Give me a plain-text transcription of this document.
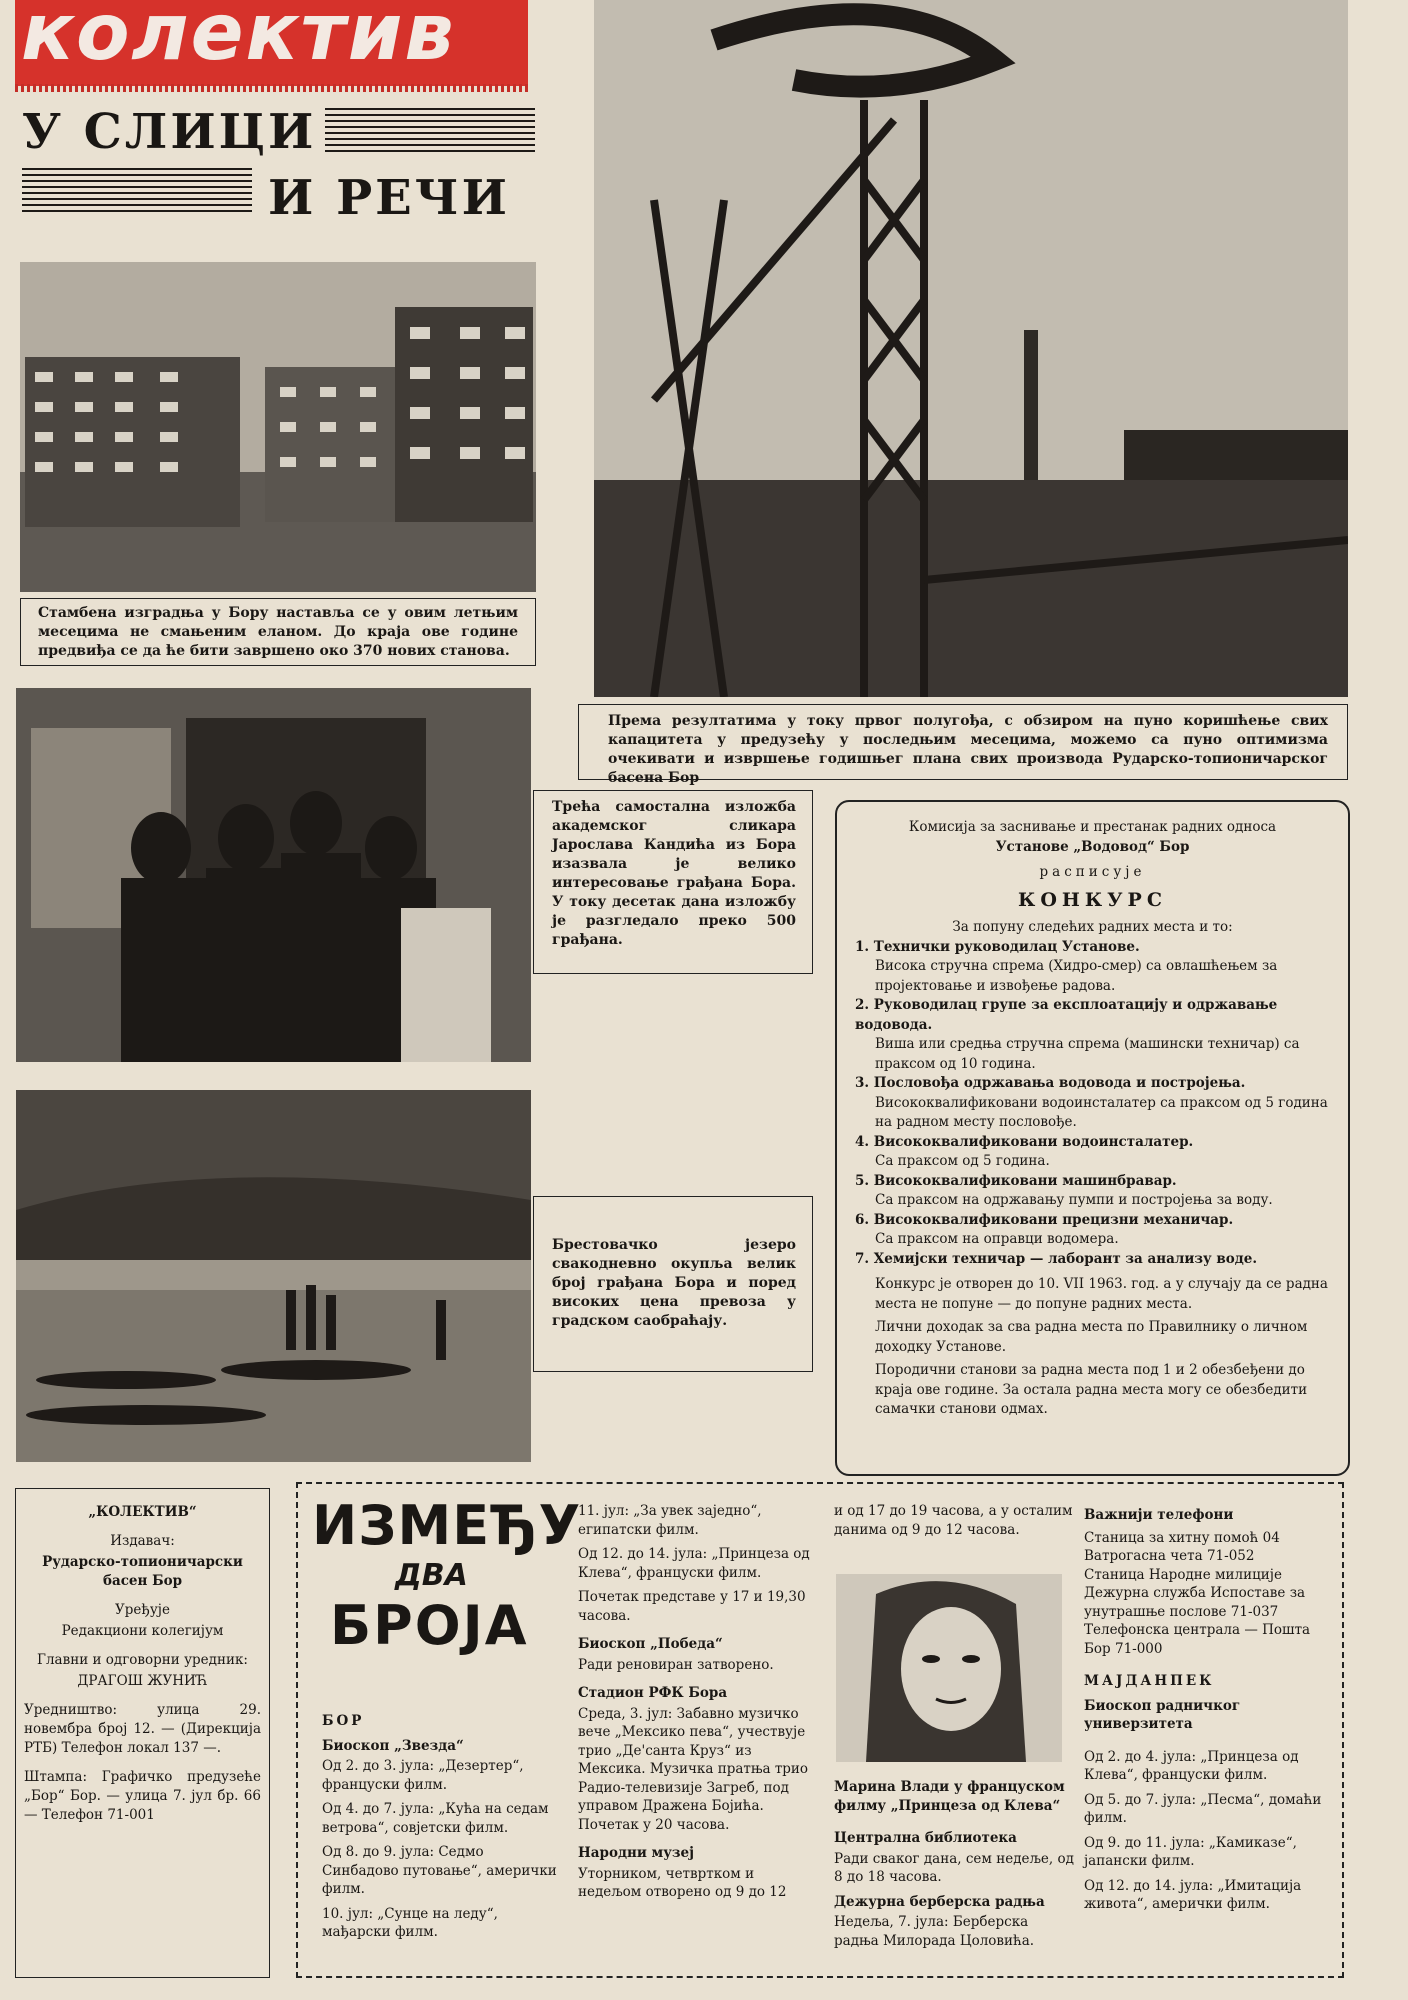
колектив
У СЛИЦИ
И РЕЧИ
Стамбена изградња у Бору наставља се у овим летњим месецима не смањеним еланом. До краја ове године предвиђа се да ће бити завршено око 370 нових станова.
Према резултатима у току првог полугођа, с обзиром на пуно коришћење свих капацитета у предузећу у последњим месецима, можемо са пуно оптимизма очекивати и извршење годишњег плана свих производа Рударско-топионичарског басена Бор
Трећа самостална изложба академског сликара Јарослава Кандића из Бора изазвала је велико интересовање грађана Бора. У току десетак дана изложбу је разгледало преко 500 грађана.
Брестовачко језеро свакодневно окупља велик број грађана Бора и поред високих цена превоза у градском саобраћају.
Комисија за заснивање и престанак радних односа
Установе „Водовод“ Бор
расписује
КОНКУРС
За попуну следећих радних места и то:
1. Технички руководилац Установе.
Висока стручна спрема (Хидро-смер) са овлашћењем за пројектовање и извођење радова.
2. Руководилац групе за експлоатацију и одржавање водовода.
Виша или средња стручна спрема (машински техничар) са праксом од 10 година.
3. Пословођа одржавања водовода и постројења.
Висококвалификовани водоинсталатер са праксом од 5 година на радном месту пословође.
4. Висококвалификовани водоинсталатер.
Са праксом од 5 година.
5. Висококвалификовани машинбравар.
Са праксом на одржавању пумпи и постројења за воду.
6. Висококвалификовани прецизни механичар.
Са праксом на оправци водомера.
7. Хемијски техничар — лаборант за анализу воде.
Конкурс је отворен до 10. VII 1963. год. а у случају да се радна места не попуне — до попуне радних места.
Лични доходак за сва радна места по Правилнику о личном доходку Установе.
Породични станови за радна места под 1 и 2 обезбеђени до краја ове године. За остала радна места могу се обезбедити самачки станови одмах.

„КОЛЕКТИВ“

Издавач:

Рударско-топионичарски басен Бор

Уређује

Редакциони колегијум

Главни и одговорни уредник:

ДРАГОШ ЖУНИЋ

Уредништво: улица 29. новембра број 12. — (Дирекција РТБ) Телефон локал 137 —.

Штампа: Графичко предузеће „Бор“ Бор. — улица 7. јул бр. 66 — Телефон 71-001

ИЗМЕЂУ
ДВА
БРОЈА

БОР

Биоскоп „Звезда“

Од 2. до 3. јула: „Дезертер“, француски филм.

Од 4. до 7. јула: „Кућа на седам ветрова“, совјетски филм.

Од 8. до 9. јула: Седмо Синбадово путовање“, амерички филм.

10. јул: „Сунце на леду“, мађарски филм.

11. јул: „За увек заједно“, египатски филм.

Од 12. до 14. јула: „Принцеза од Клева“, француски филм.

Почетак представе у 17 и 19,30 часова.

Биоскоп „Победа“

Ради реновиран затворено.

Стадион РФК Бора

Среда, 3. јул: Забавно музичко вече „Мексико пева“, учествује трио „Де'санта Круз“ из Мексика. Музичка пратња трио Радио-телевизије Загреб, под управом Дражена Бојића. Почетак у 20 часова.

Народни музеј

Уторником, четвртком и недељом отворено од 9 до 12

и од 17 до 19 часова, а у осталим данима од 9 до 12 часова.

Марина Влади у француском филму „Принцеза од Клева“

Централна библиотека

Ради сваког дана, сем недеље, од 8 до 18 часова.

Дежурна берберска радња

Недеља, 7. јула: Берберска радња Милорада Цоловића.

Важнији телефони

Станица за хитну помоћ 04

Ватрогасна чета 71-052

Станица Народне милиције Дежурна служба Испоставе за унутрашње послове 71-037

Телефонска централа — Пошта Бор 71-000

МАЈДАНПЕК

Биоскоп радничког универзитета

Од 2. до 4. јула: „Принцеза од Клева“, француски филм.

Од 5. до 7. јула: „Песма“, домаћи филм.

Од 9. до 11. јула: „Камиказе“, јапански филм.

Од 12. до 14. јула: „Имитација живота“, амерички филм.
